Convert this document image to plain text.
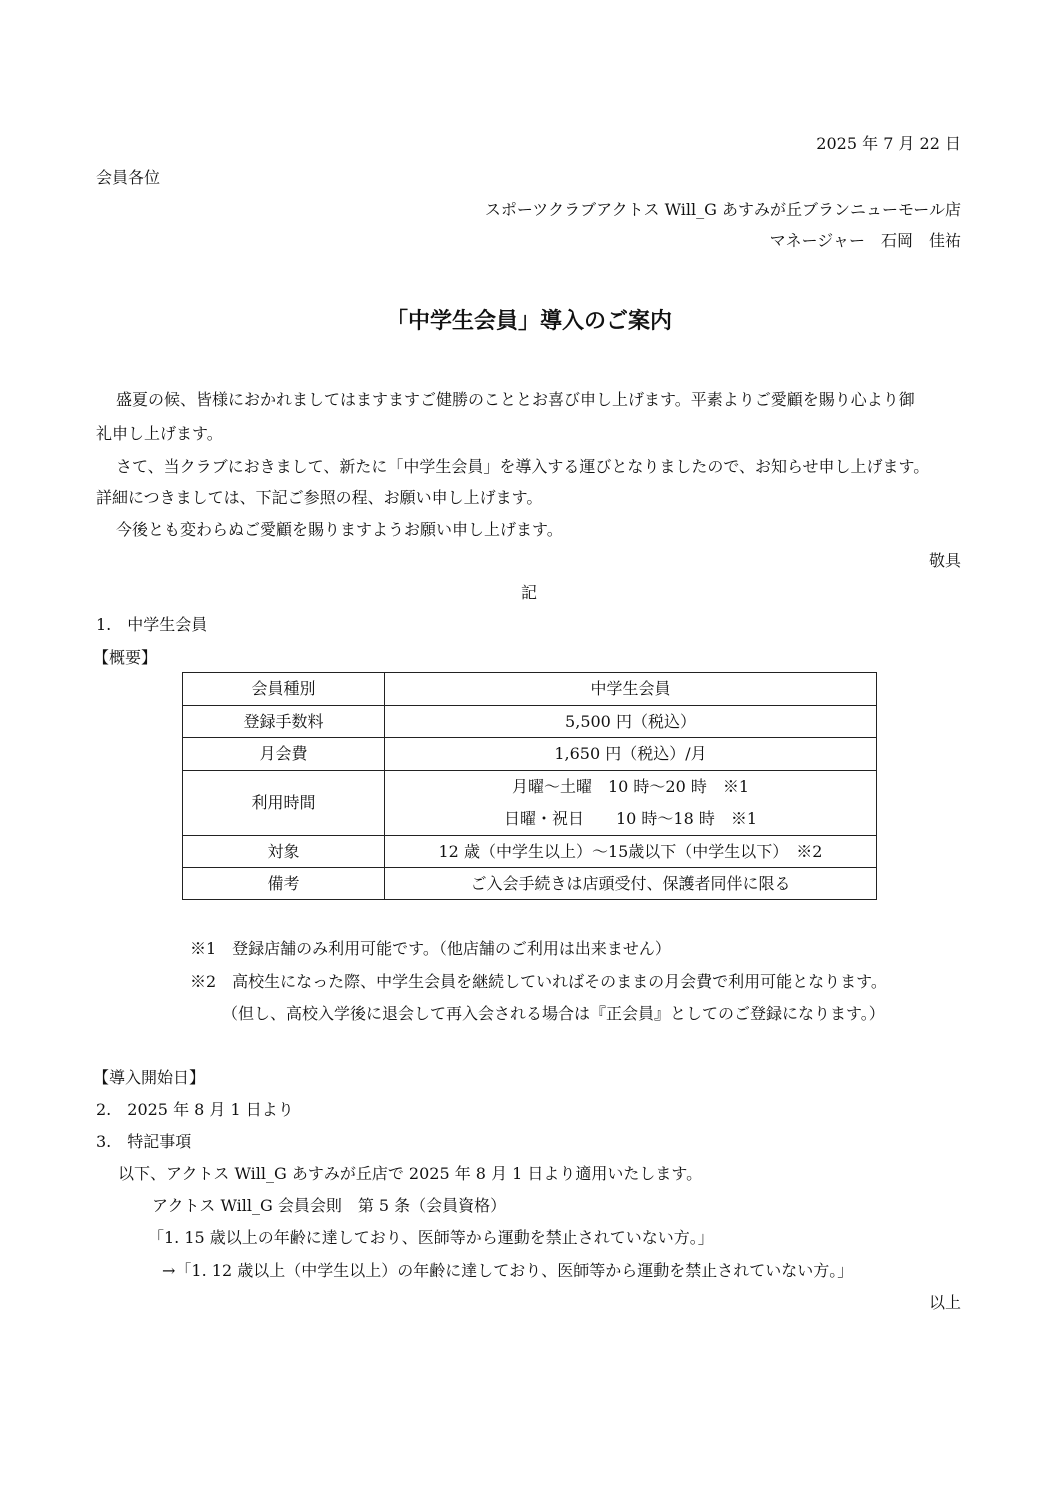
2025 年 7 月 22 日
会員各位
スポーツクラブアクトス Will_G あすみが丘ブランニューモール店
マネージャー　石岡　佳祐
「中学生会員」導入のご案内
盛夏の候、皆様におかれましてはますますご健勝のこととお喜び申し上げます。平素よりご愛顧を賜り心より御
礼申し上げます。
さて、当クラブにおきまして、新たに「中学生会員」を導入する運びとなりましたので、お知らせ申し上げます。
詳細につきましては、下記ご参照の程、お願い申し上げます。
今後とも変わらぬご愛顧を賜りますようお願い申し上げます。
敬具
記
1.　中学生会員
【概要】
会員種別	中学生会員
登録手数料	5,500 円（税込）
月会費	1,650 円（税込）/月
利用時間	月曜～土曜　10 時～20 時　※1
日曜・祝日　　10 時～18 時　※1

対象	12 歳（中学生以上）～15歳以下（中学生以下）　※2
備考	ご入会手続きは店頭受付、保護者同伴に限る
※1　登録店舗のみ利用可能です。（他店舗のご利用は出来ません）
※2　高校生になった際、中学生会員を継続していればそのままの月会費で利用可能となります。
（但し、高校入学後に退会して再入会される場合は『正会員』としてのご登録になります。）
【導入開始日】
2.　2025 年 8 月 1 日より
3.　特記事項
以下、アクトス Will_G あすみが丘店で 2025 年 8 月 1 日より適用いたします。
アクトス Will_G 会員会則　第 5 条（会員資格）
「1. 15 歳以上の年齢に達しており、医師等から運動を禁止されていない方。」
→「1. 12 歳以上（中学生以上）の年齢に達しており、医師等から運動を禁止されていない方。」
以上
